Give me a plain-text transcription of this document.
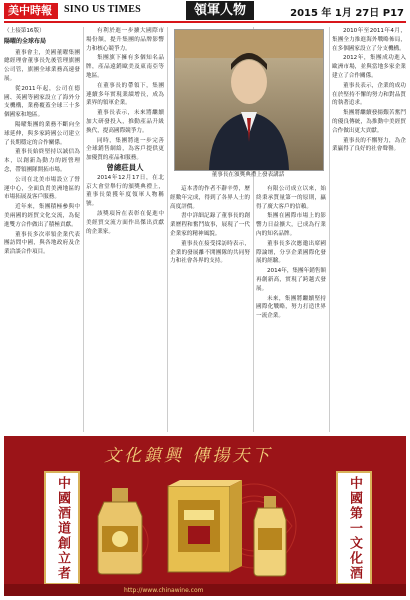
美中時報	SINO US TIMES	領軍人物	2015 年 1月 27日 P17

（上接第16版）

陽曜的全球布局

董事會主，美國董曜集團總經理會董事長先後管理旗團公司管，旗團全球業務高速發展。

從2011年起，公司在德國、英國等國家設立了海外分支機構，業務覆蓋全球三十多個國家和地區。

陽曜集團的業務不斷向全球延伸，與多家跨國公司建立了長期穩定的合作關係。

董事長始終堅持以誠信為本，以創新為動力的經營理念，帶領團隊開拓市場。

公司在北美市場設立了營運中心，全面負責美洲地區的市場拓展及客戶服務。

近年來，集團積極參與中美兩國的經貿文化交流，為促進雙方合作做出了積極貢獻。

董事長多次率領企業代表團訪問中國，與各地政府及企業洽談合作項目。

有利於進一步擴大國際市場份額，提升集團的品牌影響力和核心競爭力。

集團旗下擁有多個知名品牌，產品遠銷歐美及東南亞等地區。

在董事長的帶領下，集團連續多年實現業績增長，成為業界的領軍企業。

董事長表示，未來將繼續加大研發投入，推動產品升級換代，提高國際競爭力。

同時，集團將進一步完善全球銷售網絡，為客戶提供更加優質的產品和服務。

曾總莊員人

2014年12月17日，在北京大會堂舉行的頒獎典禮上，董事長榮獲年度領軍人物稱號。

該獎項旨在表彰在促進中美經貿交流方面作出傑出貢獻的企業家。

這本書的作者不辭辛勞，歷經數年完成，得到了各界人士的高度評價。

書中詳細記錄了董事長的創業歷程和奮鬥故事，展現了一代企業家的精神風貌。

董事長在接受採訪時表示，企業的發展離不開團隊的共同努力和社會各界的支持。

有限公司成立以來，始終秉承質量第一的原則，贏得了廣大客戶的信賴。

集團在國際市場上的影響力日益擴大，已成為行業內的知名品牌。

董事長多次應邀出席國際論壇，分享企業國際化發展的經驗。

2014年，集團年銷售額再創新高，實現了跨越式發展。

未來，集團將繼續堅持國際化戰略，努力打造世界一流企業。

2010年至2011年4月，集團全力推進海外戰略佈局，在多個國家設立了分支機構。

2012年，集團成功進入歐洲市場，並與當地多家企業建立了合作關係。

董事長表示，企業的成功在於堅持不懈的努力和對品質的執著追求。

集團將繼續發揚艱苦奮鬥的優良傳統，為推動中美經貿合作做出更大貢獻。

董事長的不懈努力，為企業贏得了良好的社會聲譽。

董事長在頒獎典禮上發表講話
文化鎮興 傳揚天下
中國酒道創立者	中國第一文化酒
http://www.chinawine.com
